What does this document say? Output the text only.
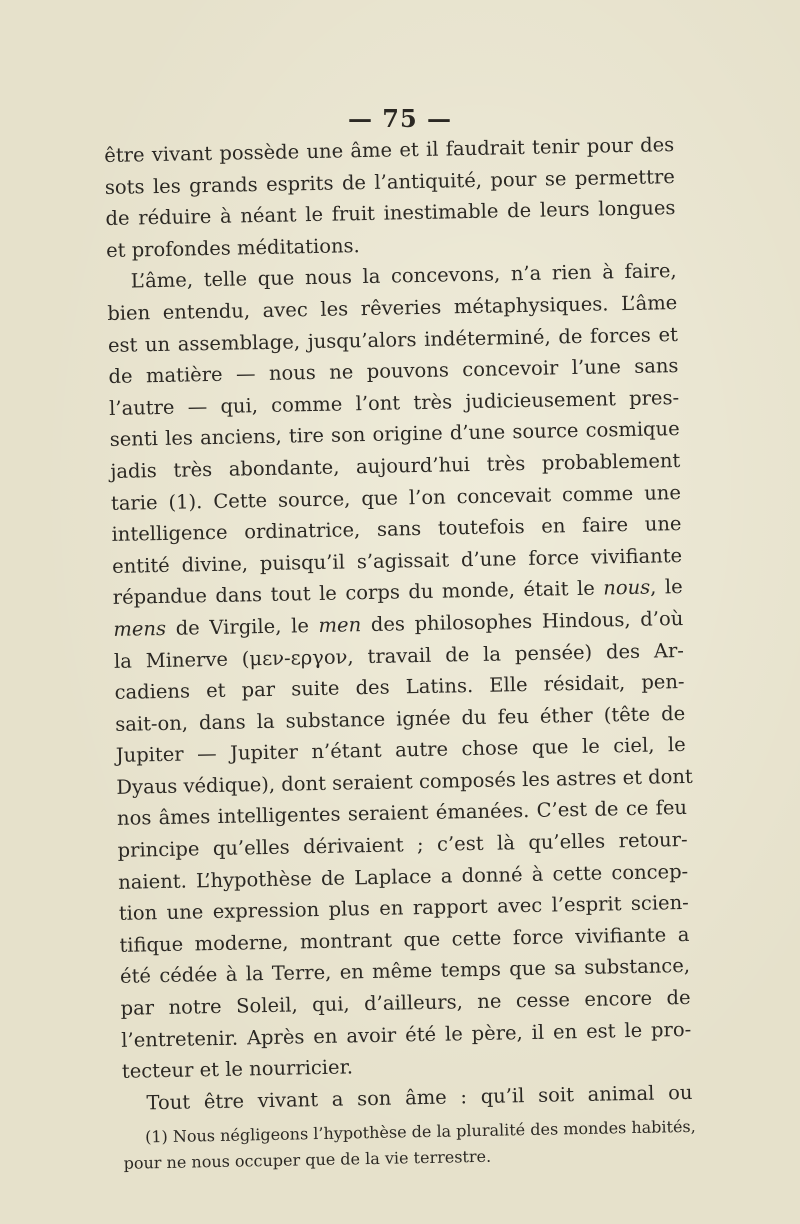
— 75 —
être vivant possède une âme et il faudrait tenir pour des
sots les grands esprits de l’antiquité, pour se permettre
de réduire à néant le fruit inestimable de leurs longues
et profondes méditations.
L’âme, telle que nous la concevons, n’a rien à faire,
bien entendu, avec les rêveries métaphysiques. L’âme
est un assemblage, jusqu’alors indéterminé, de forces et
de matière — nous ne pouvons concevoir l’une sans
l’autre — qui, comme l’ont très judicieusement pres-
senti les anciens, tire son origine d’une source cosmique
jadis très abondante, aujourd’hui très probablement
tarie (1). Cette source, que l’on concevait comme une
intelligence ordinatrice, sans toutefois en faire une
entité divine, puisqu’il s’agissait d’une force vivifiante
répandue dans tout le corps du monde, était le nous, le
mens de Virgile, le men des philosophes Hindous, d’où
la Minerve (μεν-εργον, travail de la pensée) des Ar-
cadiens et par suite des Latins. Elle résidait, pen-
sait-on, dans la substance ignée du feu éther (tête de
Jupiter — Jupiter n’étant autre chose que le ciel, le
Dyaus védique), dont seraient composés les astres et dont
nos âmes intelligentes seraient émanées. C’est de ce feu
principe qu’elles dérivaient ; c’est là qu’elles retour-
naient. L’hypothèse de Laplace a donné à cette concep-
tion une expression plus en rapport avec l’esprit scien-
tifique moderne, montrant que cette force vivifiante a
été cédée à la Terre, en même temps que sa substance,
par notre Soleil, qui, d’ailleurs, ne cesse encore de
l’entretenir. Après en avoir été le père, il en est le pro-
tecteur et le nourricier.
Tout être vivant a son âme : qu’il soit animal ou
(1) Nous négligeons l’hypothèse de la pluralité des mondes habités,
pour ne nous occuper que de la vie terrestre.
